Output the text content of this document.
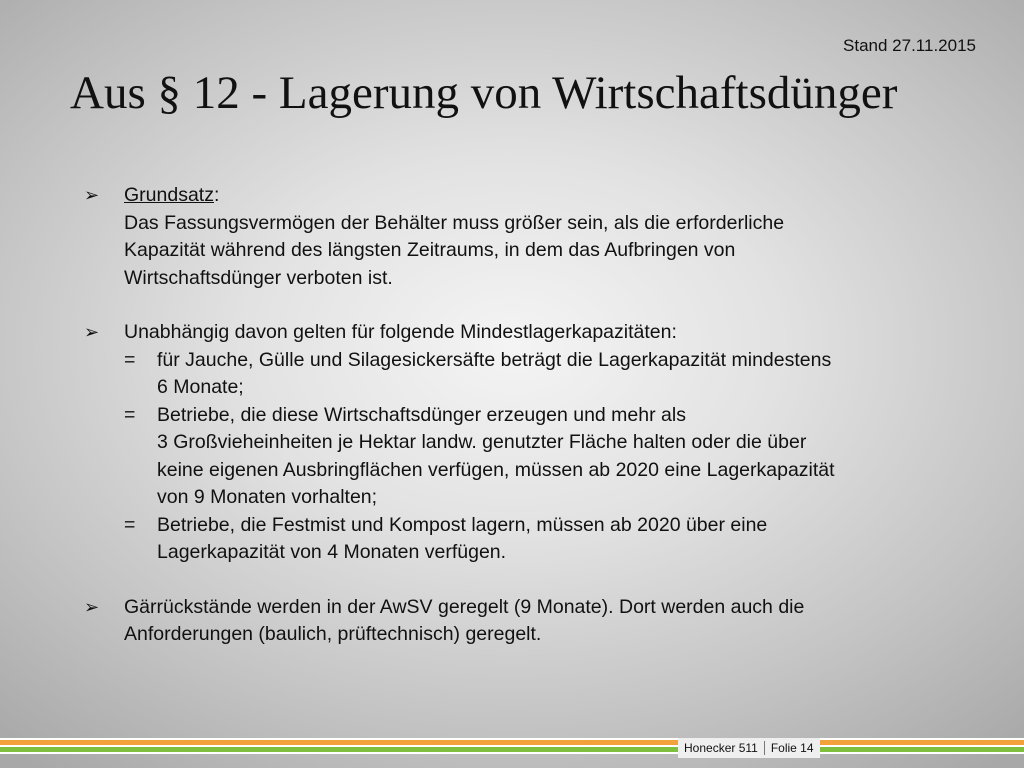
Stand 27.11.2015
Aus § 12 - Lagerung von Wirtschaftsdünger
➢ Grundsatz:
Das Fassungsvermögen der Behälter muss größer sein, als die erforderliche
Kapazität während des längsten Zeitraums, in dem das Aufbringen von
Wirtschaftsdünger verboten ist.
➢ Unabhängig davon gelten für folgende Mindestlagerkapazitäten:
= für Jauche, Gülle und Silagesickersäfte beträgt die Lagerkapazität mindestens
6 Monate;
= Betriebe, die diese Wirtschaftsdünger erzeugen und mehr als
3 Großvieheinheiten je Hektar landw. genutzter Fläche halten oder die über
keine eigenen Ausbringflächen verfügen, müssen ab 2020 eine Lagerkapazität
von 9 Monaten vorhalten;
= Betriebe, die Festmist und Kompost lagern, müssen ab 2020 über eine
Lagerkapazität von 4 Monaten verfügen.
➢ Gärrückstände werden in der AwSV geregelt (9 Monate). Dort werden auch die
Anforderungen (baulich, prüftechnisch) geregelt.
Honecker 511 Folie 14
